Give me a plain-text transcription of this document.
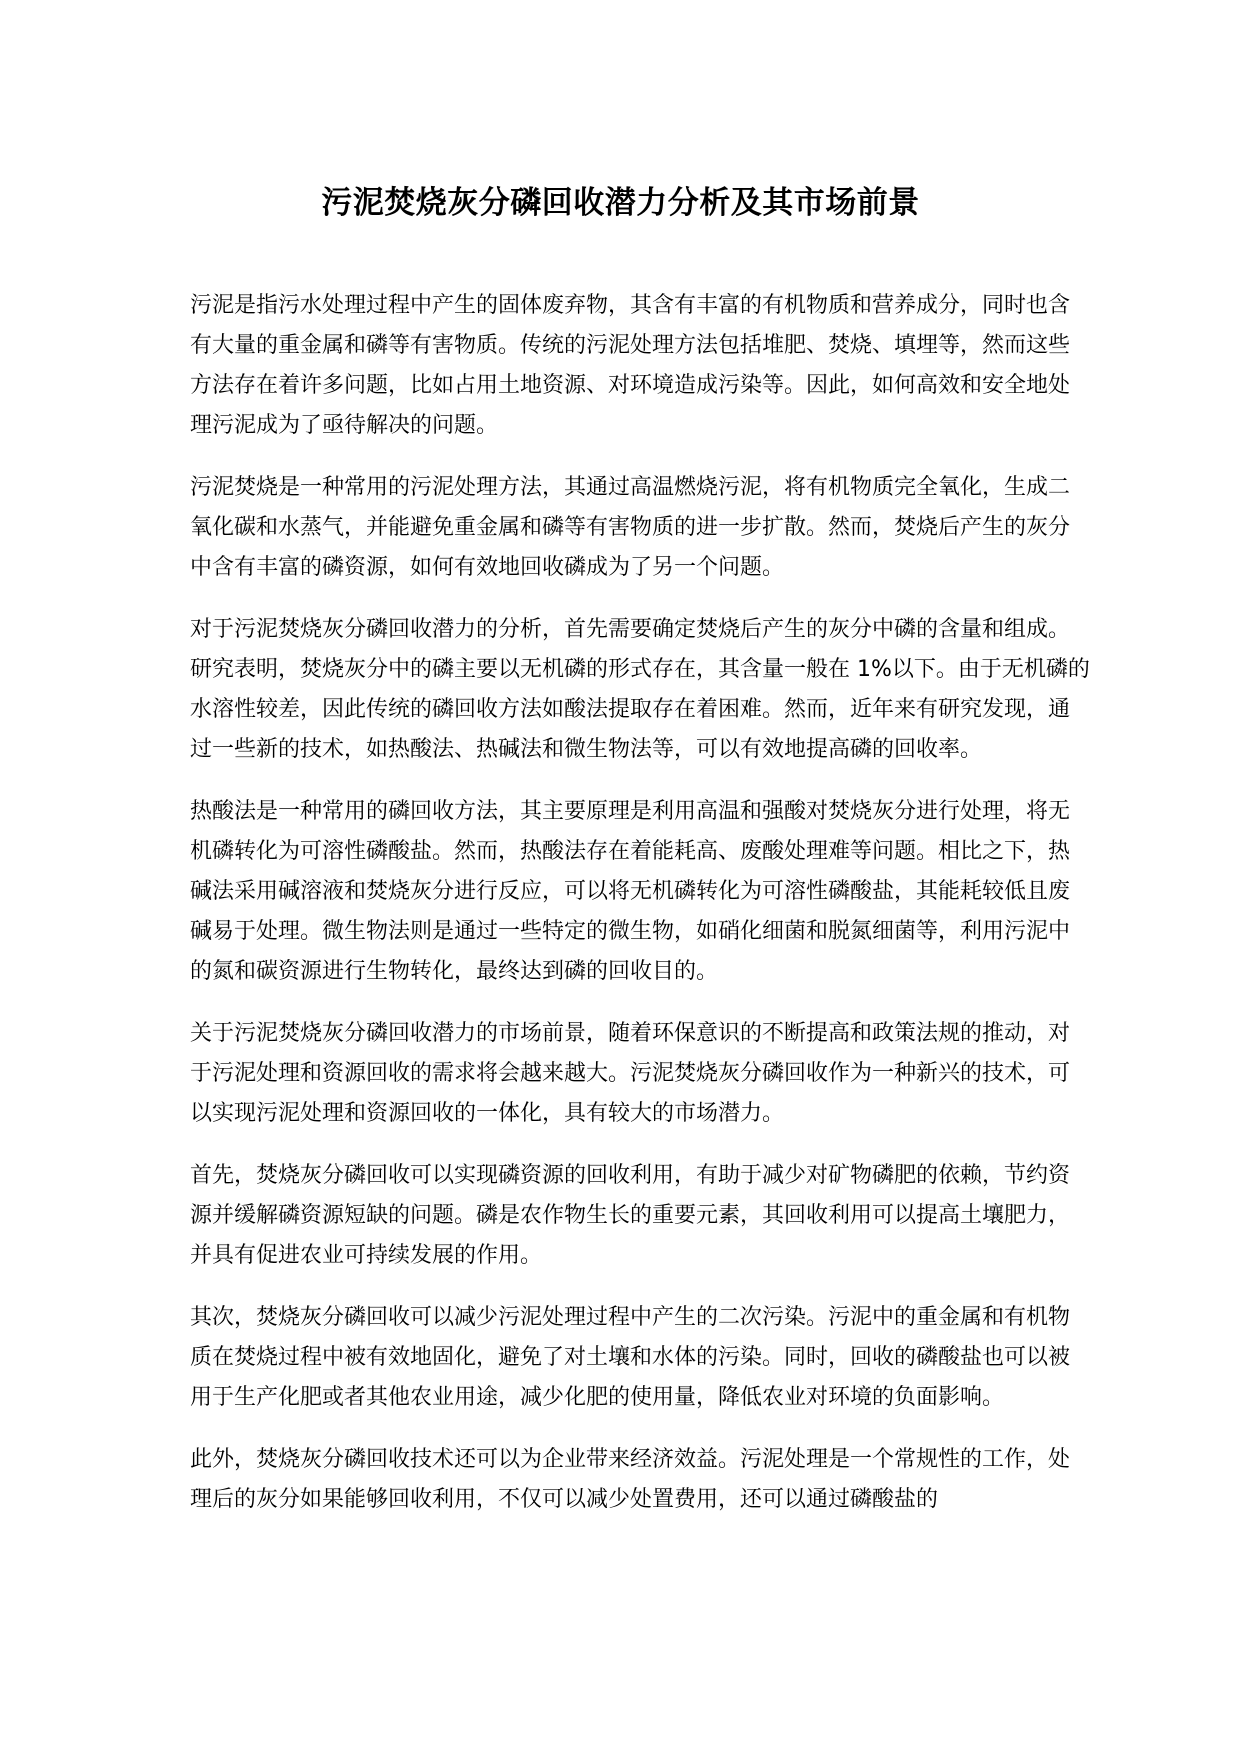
污泥焚烧灰分磷回收潜力分析及其市场前景

污泥是指污水处理过程中产生的固体废弃物，其含有丰富的有机物质和营养成分，同时也含有大量的重金属和磷等有害物质。传统的污泥处理方法包括堆肥、焚烧、填埋等，然而这些方法存在着许多问题，比如占用土地资源、对环境造成污染等。因此，如何高效和安全地处理污泥成为了亟待解决的问题。

污泥焚烧是一种常用的污泥处理方法，其通过高温燃烧污泥，将有机物质完全氧化，生成二氧化碳和水蒸气，并能避免重金属和磷等有害物质的进一步扩散。然而，焚烧后产生的灰分中含有丰富的磷资源，如何有效地回收磷成为了另一个问题。

对于污泥焚烧灰分磷回收潜力的分析，首先需要确定焚烧后产生的灰分中磷的含量和组成。研究表明，焚烧灰分中的磷主要以无机磷的形式存在，其含量一般在 1%以下。由于无机磷的水溶性较差，因此传统的磷回收方法如酸法提取存在着困难。然而，近年来有研究发现，通过一些新的技术，如热酸法、热碱法和微生物法等，可以有效地提高磷的回收率。

热酸法是一种常用的磷回收方法，其主要原理是利用高温和强酸对焚烧灰分进行处理，将无机磷转化为可溶性磷酸盐。然而，热酸法存在着能耗高、废酸处理难等问题。相比之下，热碱法采用碱溶液和焚烧灰分进行反应，可以将无机磷转化为可溶性磷酸盐，其能耗较低且废碱易于处理。微生物法则是通过一些特定的微生物，如硝化细菌和脱氮细菌等，利用污泥中的氮和碳资源进行生物转化，最终达到磷的回收目的。

关于污泥焚烧灰分磷回收潜力的市场前景，随着环保意识的不断提高和政策法规的推动，对于污泥处理和资源回收的需求将会越来越大。污泥焚烧灰分磷回收作为一种新兴的技术，可以实现污泥处理和资源回收的一体化，具有较大的市场潜力。

首先，焚烧灰分磷回收可以实现磷资源的回收利用，有助于减少对矿物磷肥的依赖，节约资源并缓解磷资源短缺的问题。磷是农作物生长的重要元素，其回收利用可以提高土壤肥力，并具有促进农业可持续发展的作用。

其次，焚烧灰分磷回收可以减少污泥处理过程中产生的二次污染。污泥中的重金属和有机物质在焚烧过程中被有效地固化，避免了对土壤和水体的污染。同时，回收的磷酸盐也可以被用于生产化肥或者其他农业用途，减少化肥的使用量，降低农业对环境的负面影响。

此外，焚烧灰分磷回收技术还可以为企业带来经济效益。污泥处理是一个常规性的工作，处理后的灰分如果能够回收利用，不仅可以减少处置费用，还可以通过磷酸盐的
